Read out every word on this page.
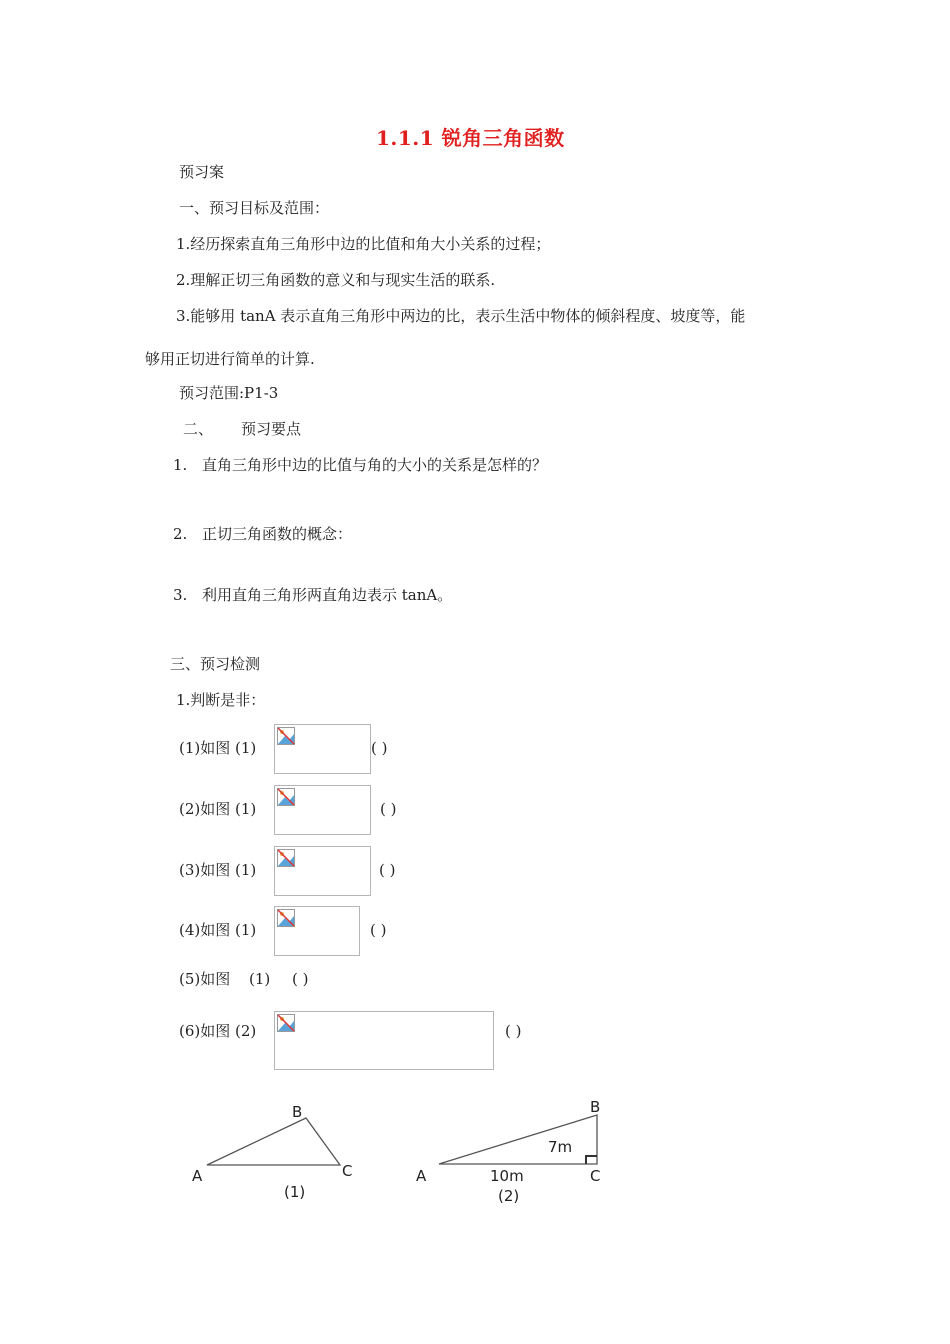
1.1.1 锐角三角函数
预习案
一、预习目标及范围：
1.经历探索直角三角形中边的比值和角大小关系的过程；
2.理解正切三角函数的意义和与现实生活的联系.
3.能够用 tanA 表示直角三角形中两边的比，表示生活中物体的倾斜程度、坡度等，能
够用正切进行简单的计算.
预习范围:P1-3
二、 预习要点
1. 直角三角形中边的比值与角的大小的关系是怎样的？
2. 正切三角函数的概念：
3. 利用直角三角形两直角边表示 tanA。
三、预习检测
1.判断是非：
(1)如图 (1)	( )
(2)如图 (1)	( )
(3)如图 (1)	( )
(4)如图 (1)	( )
(5)如图 (1) ( )
(6)如图 (2)	( )
B
A	C
(1)
B
7m
A	10m	C
(2)
